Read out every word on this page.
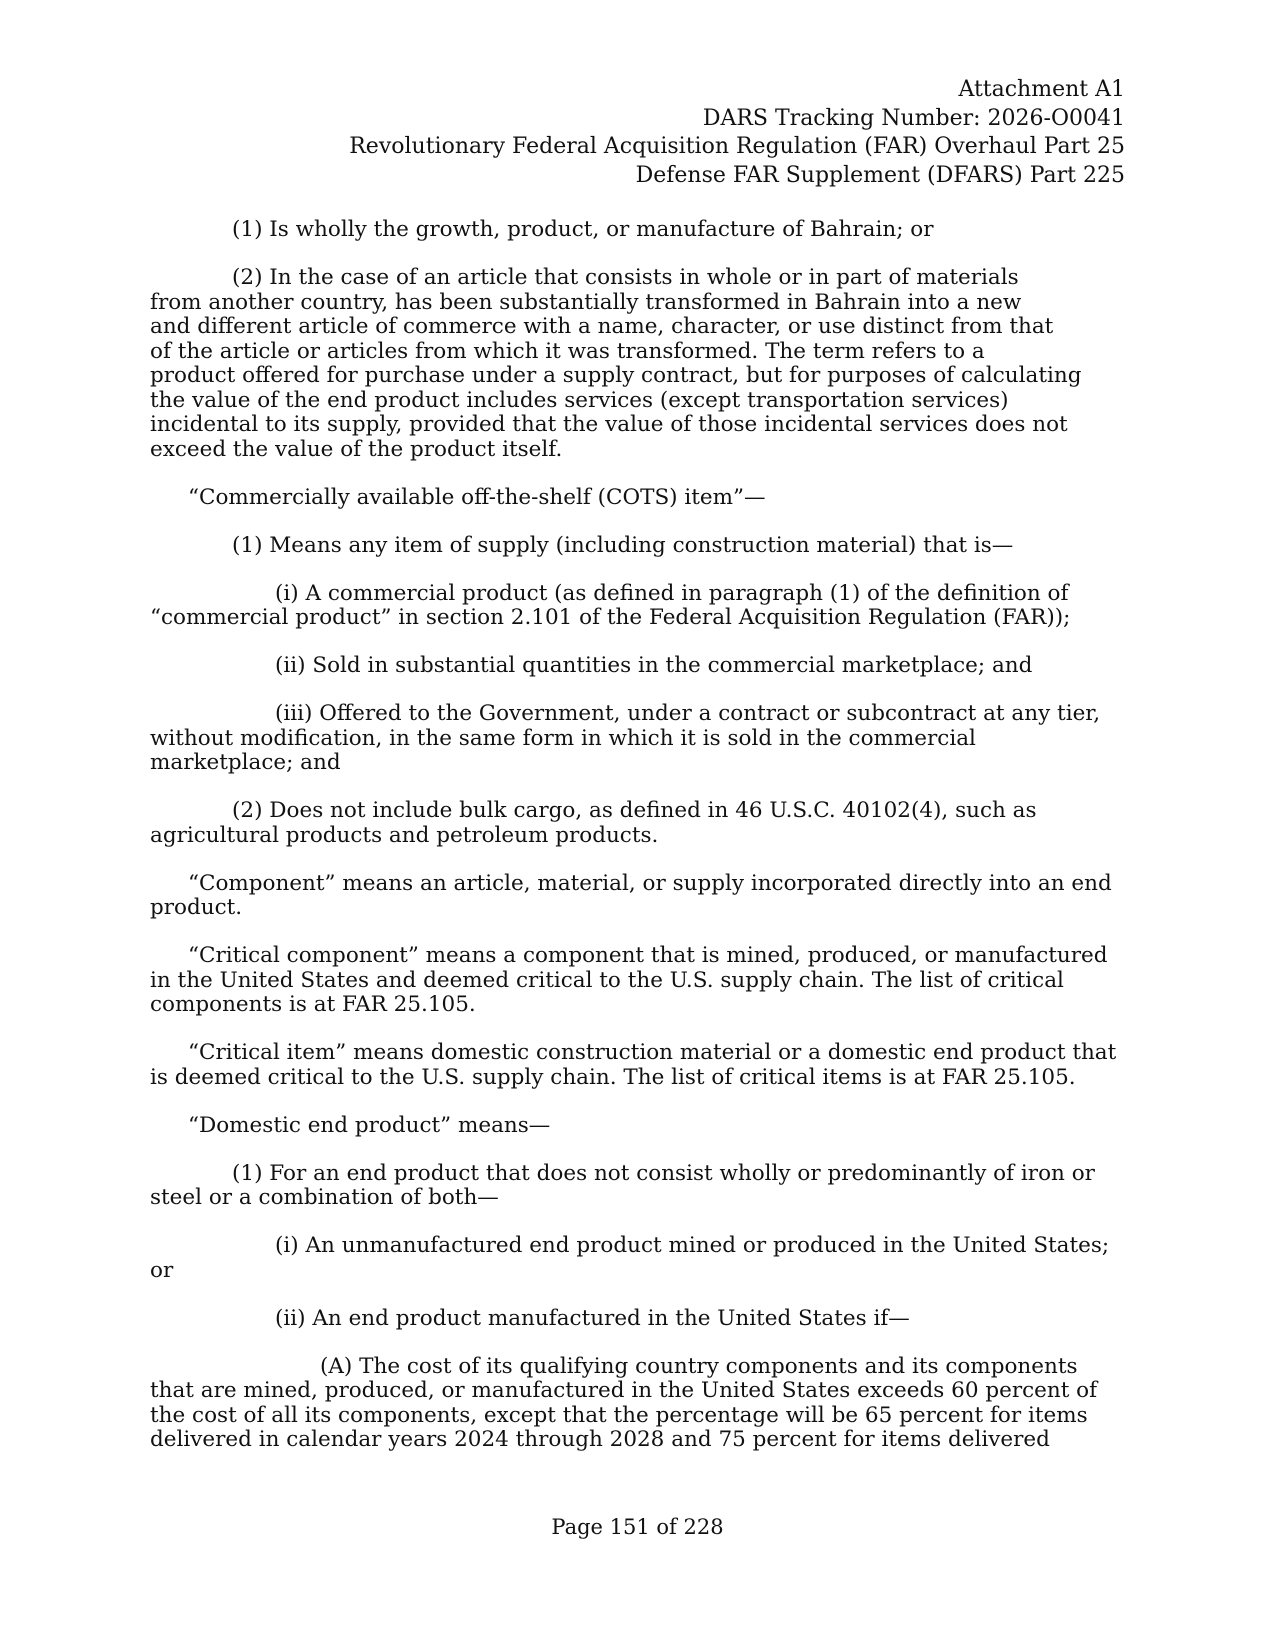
Attachment A1
DARS Tracking Number: 2026-O0041
Revolutionary Federal Acquisition Regulation (FAR) Overhaul Part 25
Defense FAR Supplement (DFARS) Part 225
(1) Is wholly the growth, product, or manufacture of Bahrain; or
(2) In the case of an article that consists in whole or in part of materials
from another country, has been substantially transformed in Bahrain into a new
and different article of commerce with a name, character, or use distinct from that
of the article or articles from which it was transformed. The term refers to a
product offered for purchase under a supply contract, but for purposes of calculating
the value of the end product includes services (except transportation services)
incidental to its supply, provided that the value of those incidental services does not
exceed the value of the product itself.
“Commercially available off-the-shelf (COTS) item”—
(1) Means any item of supply (including construction material) that is—
(i) A commercial product (as defined in paragraph (1) of the definition of
“commercial product” in section 2.101 of the Federal Acquisition Regulation (FAR));
(ii) Sold in substantial quantities in the commercial marketplace; and
(iii) Offered to the Government, under a contract or subcontract at any tier,
without modification, in the same form in which it is sold in the commercial
marketplace; and
(2) Does not include bulk cargo, as defined in 46 U.S.C. 40102(4), such as
agricultural products and petroleum products.
“Component” means an article, material, or supply incorporated directly into an end
product.
“Critical component” means a component that is mined, produced, or manufactured
in the United States and deemed critical to the U.S. supply chain. The list of critical
components is at FAR 25.105.
“Critical item” means domestic construction material or a domestic end product that
is deemed critical to the U.S. supply chain. The list of critical items is at FAR 25.105.
“Domestic end product” means—
(1) For an end product that does not consist wholly or predominantly of iron or
steel or a combination of both—
(i) An unmanufactured end product mined or produced in the United States;
or
(ii) An end product manufactured in the United States if—
(A) The cost of its qualifying country components and its components
that are mined, produced, or manufactured in the United States exceeds 60 percent of
the cost of all its components, except that the percentage will be 65 percent for items
delivered in calendar years 2024 through 2028 and 75 percent for items delivered
Page 151 of 228
